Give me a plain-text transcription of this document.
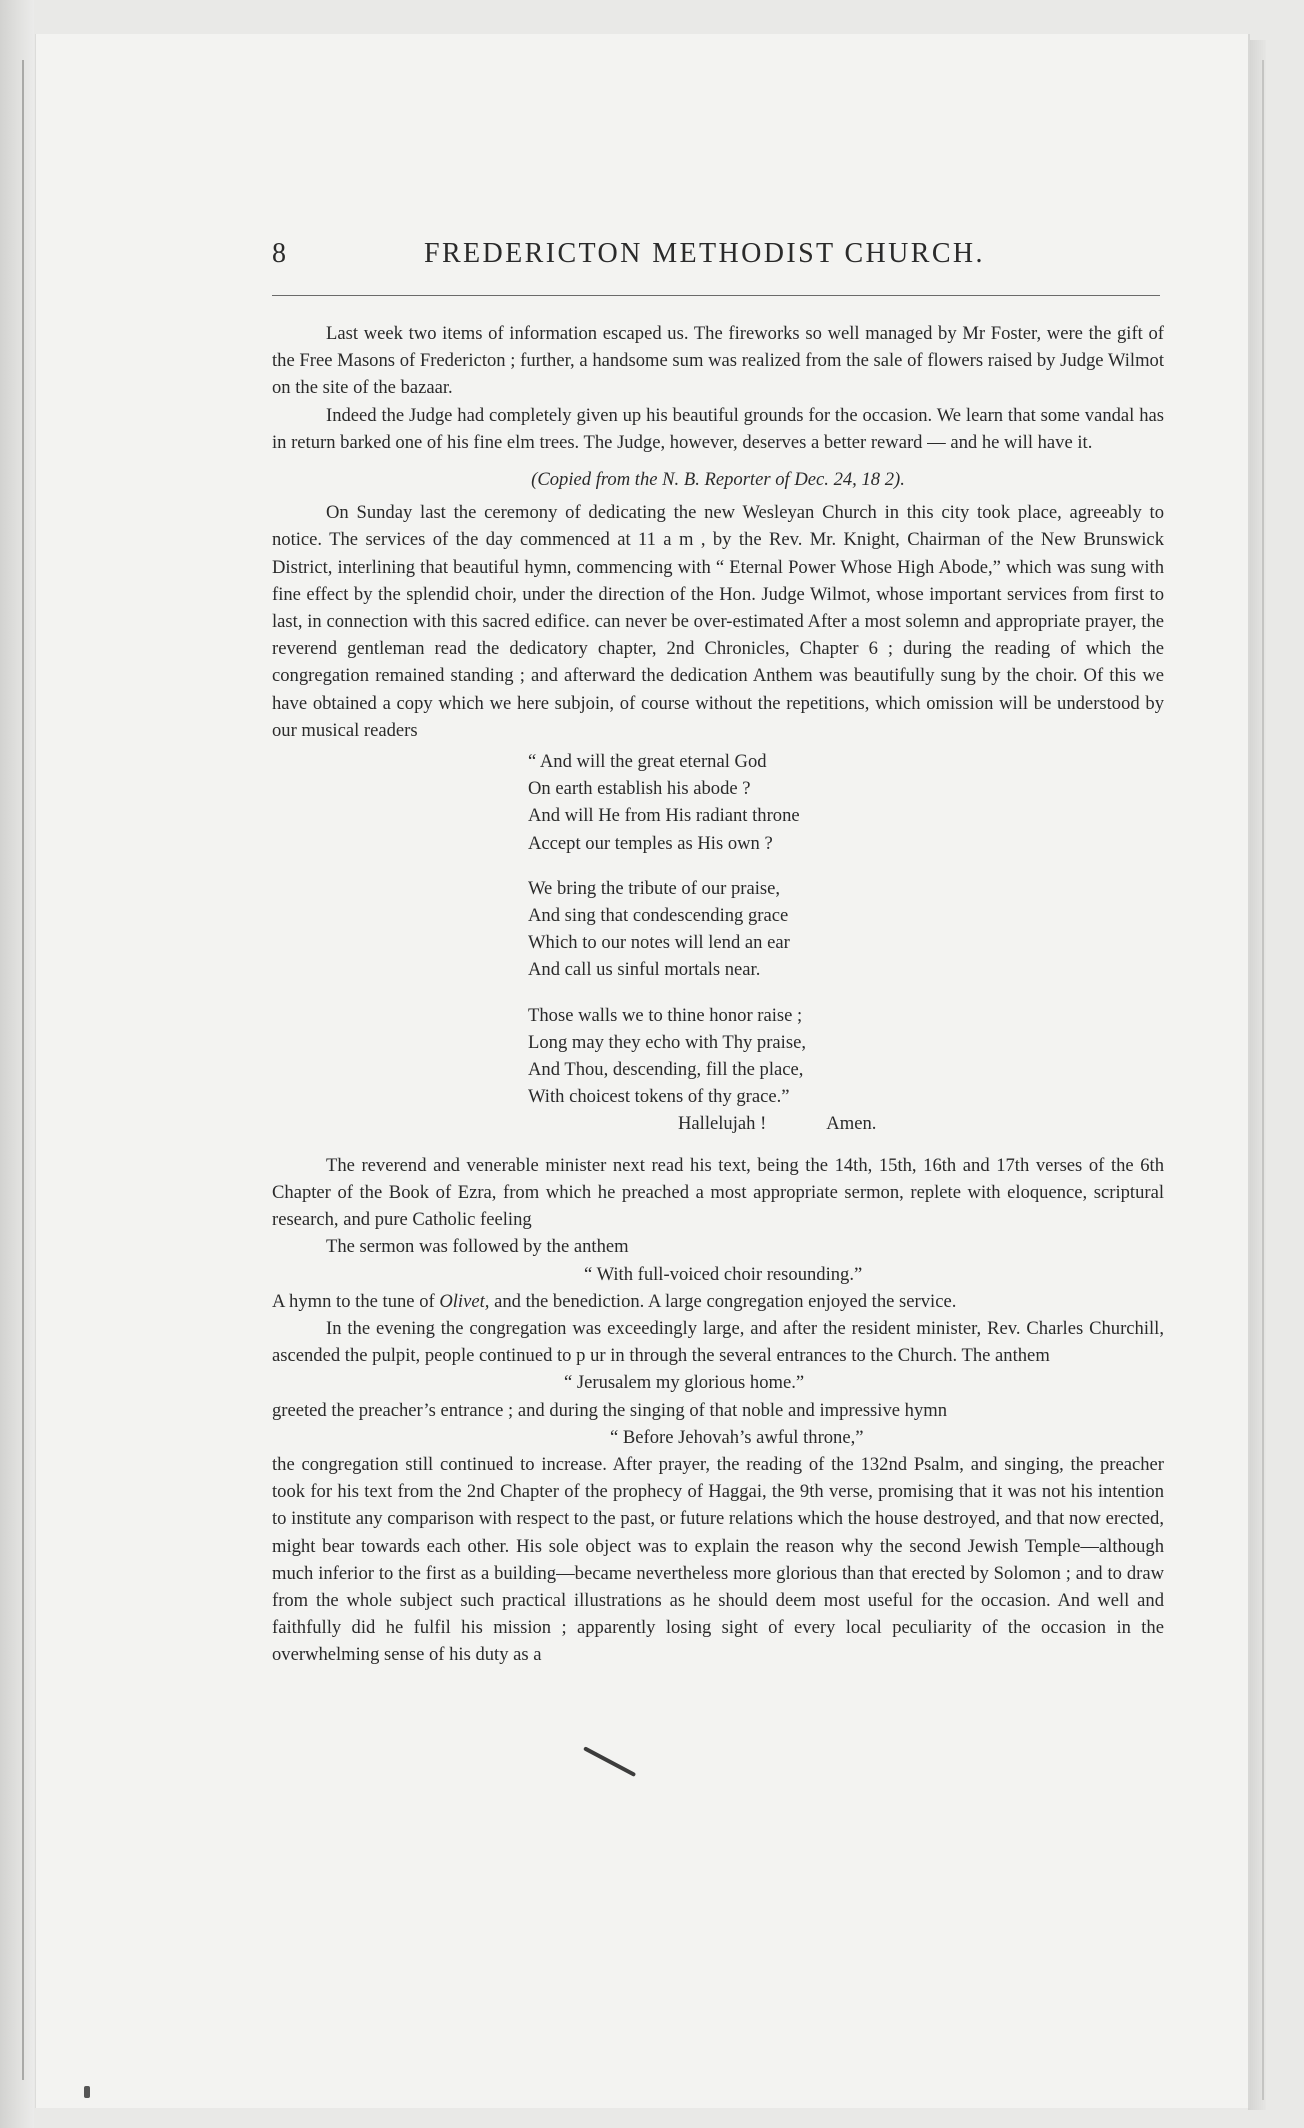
8	FREDERICTON METHODIST CHURCH.

Last week two items of information escaped us. The fireworks so well managed by Mr Foster, were the gift of the Free Masons of Fredericton ; further, a handsome sum was realized from the sale of flowers raised by Judge Wilmot on the site of the bazaar.

Indeed the Judge had completely given up his beautiful grounds for the occasion. We learn that some vandal has in return barked one of his fine elm trees. The Judge, however, deserves a better reward — and he will have it.

(Copied from the N. B. Reporter of Dec. 24, 18 2).

On Sunday last the ceremony of dedicating the new Wesleyan Church in this city took place, agreeably to notice. The services of the day commenced at 11 a m , by the Rev. Mr. Knight, Chairman of the New Brunswick District, interlining that beautiful hymn, commencing with “ Eternal Power Whose High Abode,” which was sung with fine effect by the splendid choir, under the direction of the Hon. Judge Wilmot, whose important services from first to last, in connection with this sacred edifice. can never be over-estimated After a most solemn and appropriate prayer, the reverend gentleman read the dedicatory chapter, 2nd Chronicles, Chapter 6 ; during the reading of which the congregation remained standing ; and afterward the dedication Anthem was beautifully sung by the choir. Of this we have obtained a copy which we here subjoin, of course without the repetitions, which omission will be understood by our musical readers

“ And will the great eternal God
On earth establish his abode ?
And will He from His radiant throne
Accept our temples as His own ?
We bring the tribute of our praise,
And sing that condescending grace
Which to our notes will lend an ear
And call us sinful mortals near.
Those walls we to thine honor raise ;
Long may they echo with Thy praise,
And Thou, descending, fill the place,
With choicest tokens of thy grace.”
Hallelujah !	Amen.

The reverend and venerable minister next read his text, being the 14th, 15th, 16th and 17th verses of the 6th Chapter of the Book of Ezra, from which he preached a most appropriate sermon, replete with eloquence, scriptural research, and pure Catholic feeling

The sermon was followed by the anthem

“ With full-voiced choir resounding.”

A hymn to the tune of Olivet, and the benediction. A large congregation enjoyed the service.

In the evening the congregation was exceedingly large, and after the resident minister, Rev. Charles Churchill, ascended the pulpit, people continued to p ur in through the several entrances to the Church. The anthem

“ Jerusalem my glorious home.”

greeted the preacher’s entrance ; and during the singing of that noble and impressive hymn

“ Before Jehovah’s awful throne,”

the congregation still continued to increase. After prayer, the reading of the 132nd Psalm, and singing, the preacher took for his text from the 2nd Chapter of the prophecy of Haggai, the 9th verse, promising that it was not his intention to institute any comparison with respect to the past, or future relations which the house destroyed, and that now erected, might bear towards each other. His sole object was to explain the reason why the second Jewish Temple—although much inferior to the first as a building—became nevertheless more glorious than that erected by Solomon ; and to draw from the whole subject such practical illustrations as he should deem most useful for the occasion. And well and faithfully did he fulfil his mission ; apparently losing sight of every local peculiarity of the occasion in the overwhelming sense of his duty as a
